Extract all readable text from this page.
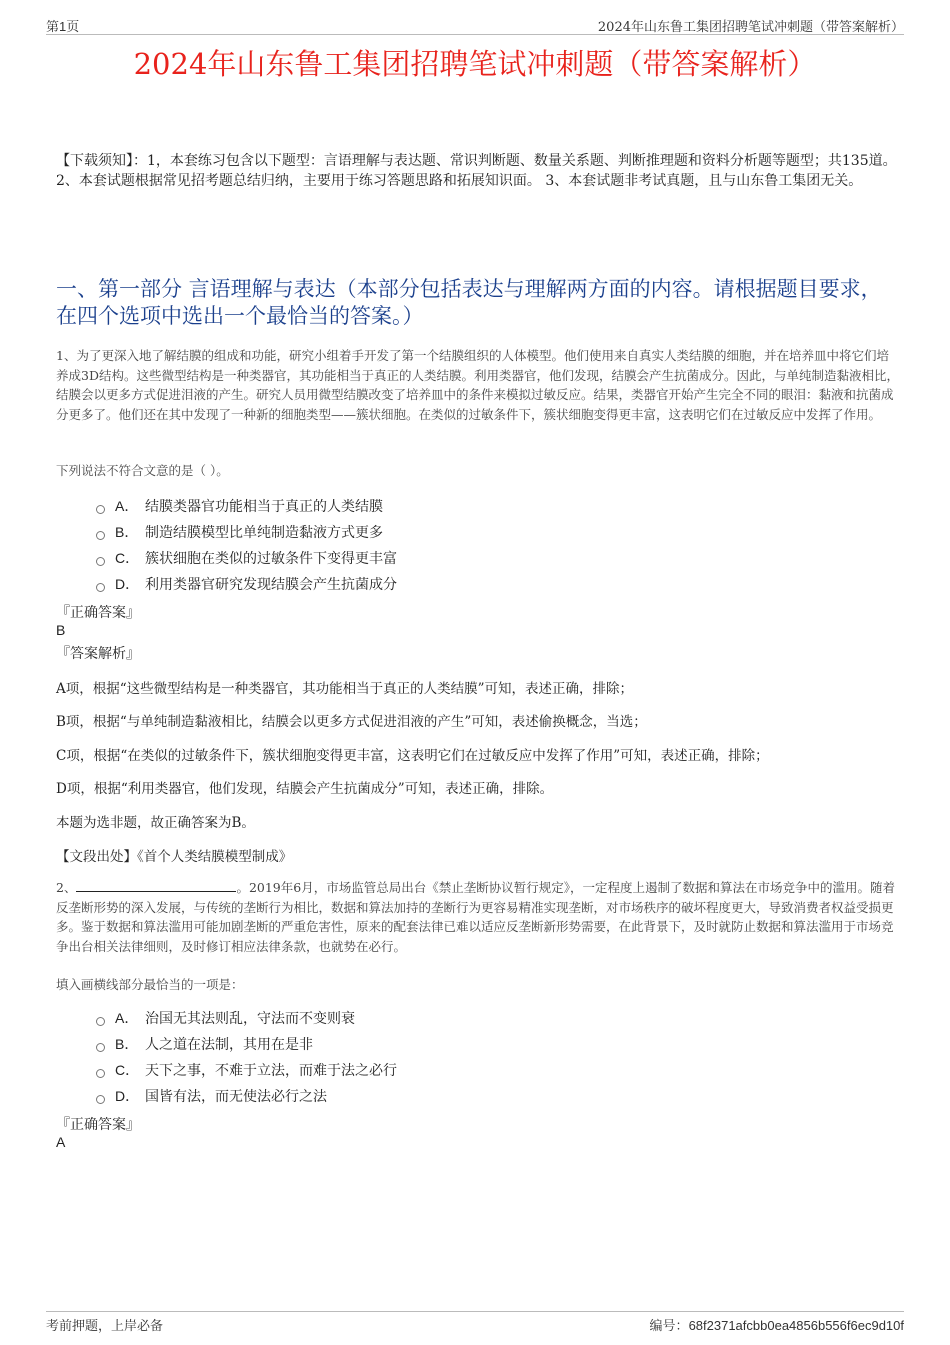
第1页	2024年山东鲁工集团招聘笔试冲刺题（带答案解析）
2024年山东鲁工集团招聘笔试冲刺题（带答案解析）
【下载须知】：1，本套练习包含以下题型：言语理解与表达题、常识判断题、数量关系题、判断推理题和资料分析题等题型；共135道。 2、本套试题根据常见招考题总结归纳，主要用于练习答题思路和拓展知识面。 3、本套试题非考试真题，且与山东鲁工集团无关。
一、第一部分 言语理解与表达（本部分包括表达与理解两方面的内容。请根据题目要求，在四个选项中选出一个最恰当的答案。）
1、为了更深入地了解结膜的组成和功能，研究小组着手开发了第一个结膜组织的人体模型。他们使用来自真实人类结膜的细胞，并在培养皿中将它们培养成3D结构。这些微型结构是一种类器官，其功能相当于真正的人类结膜。利用类器官，他们发现，结膜会产生抗菌成分。因此，与单纯制造黏液相比，结膜会以更多方式促进泪液的产生。研究人员用微型结膜改变了培养皿中的条件来模拟过敏反应。结果，类器官开始产生完全不同的眼泪：黏液和抗菌成分更多了。他们还在其中发现了一种新的细胞类型——簇状细胞。在类似的过敏条件下，簇状细胞变得更丰富，这表明它们在过敏反应中发挥了作用。
下列说法不符合文意的是（ ）。
A． 结膜类器官功能相当于真正的人类结膜
B． 制造结膜模型比单纯制造黏液方式更多
C． 簇状细胞在类似的过敏条件下变得更丰富
D． 利用类器官研究发现结膜会产生抗菌成分
『正确答案』
B
『答案解析』
A项，根据“这些微型结构是一种类器官，其功能相当于真正的人类结膜”可知，表述正确，排除；
B项，根据“与单纯制造黏液相比，结膜会以更多方式促进泪液的产生”可知，表述偷换概念，当选；
C项，根据“在类似的过敏条件下，簇状细胞变得更丰富，这表明它们在过敏反应中发挥了作用”可知，表述正确，排除；
D项，根据“利用类器官，他们发现，结膜会产生抗菌成分”可知，表述正确，排除。
本题为选非题，故正确答案为B。
【文段出处】《首个人类结膜模型制成》
2、	。2019年6月，市场监管总局出台《禁止垄断协议暂行规定》，一定程度上遏制了数据和算法在市场竞争中的滥用。随着反垄断形势的深入发展，与传统的垄断行为相比，数据和算法加持的垄断行为更容易精准实现垄断，对市场秩序的破坏程度更大，导致消费者权益受损更多。鉴于数据和算法滥用可能加剧垄断的严重危害性，原来的配套法律已难以适应反垄断新形势需要，在此背景下，及时就防止数据和算法滥用于市场竞争出台相关法律细则，及时修订相应法律条款，也就势在必行。
填入画横线部分最恰当的一项是：
A． 治国无其法则乱，守法而不变则衰
B． 人之道在法制，其用在是非
C． 天下之事，不难于立法，而难于法之必行
D． 国皆有法，而无使法必行之法
『正确答案』
A
考前押题，上岸必备	编号：68f2371afcbb0ea4856b556f6ec9d10f
